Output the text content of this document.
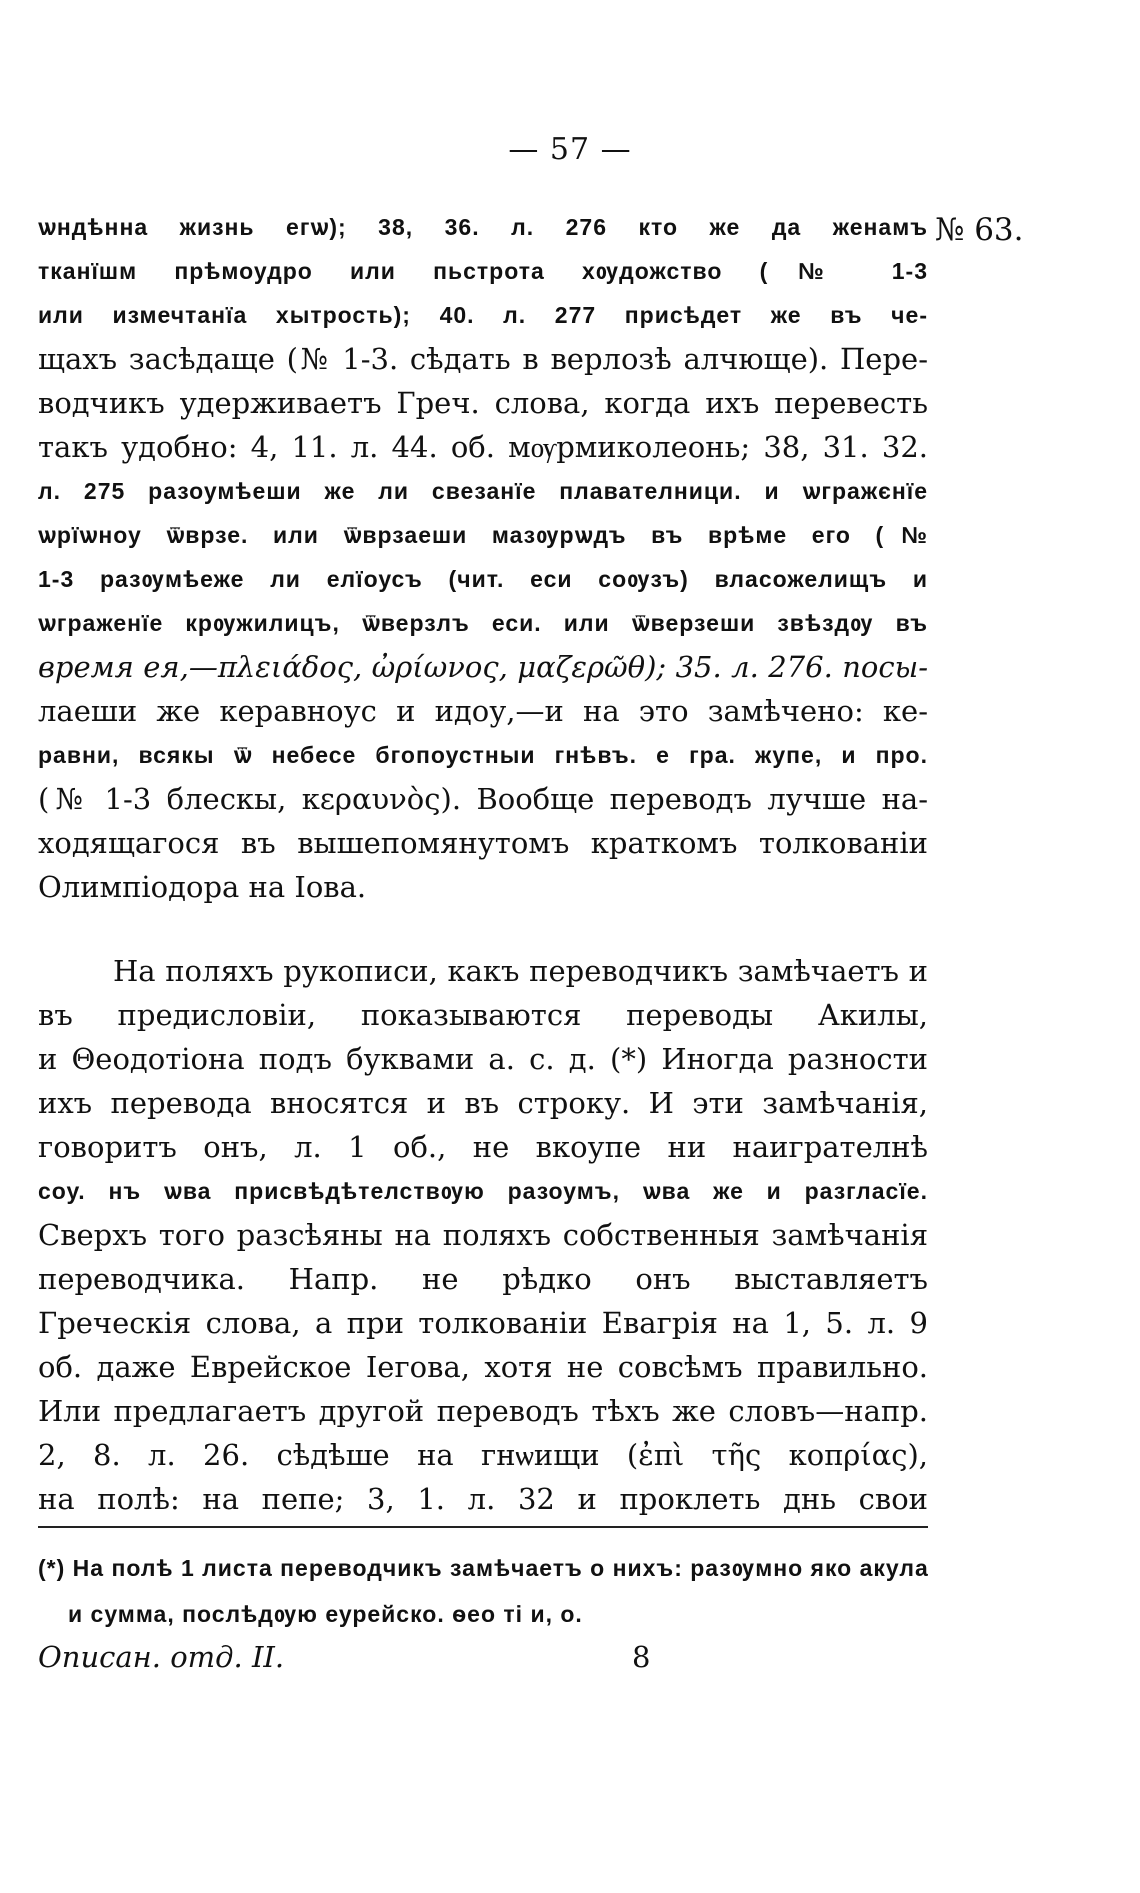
— 57 —
№ 63.
ѡндѣнна жизнь егѡ); 38, 36. л. 276 кто же да женамъ
тканїшм прѣмоудро или пьстрота хѹдожство (№ 1-3
или измечтанїа хытрость); 40. л. 277 присѣдет же въ че-
щахъ засѣдаще (№ 1-3. сѣдать в верлозѣ алчюще). Пере-
водчикъ удерживаетъ Греч. слова, когда ихъ перевесть
такъ удобно: 4, 11. л. 44. об. мѹрмиколеонь; 38, 31. 32.
л. 275 разоумѣеши же ли свезанїе плавателници. и ѡгражєнїе
ѡрїѡноу ѿврзе. или ѿврзаеши мазѹрѡдъ въ врѣме его (№
1-3 разѹмѣеже ли елїоусъ (чит. еси соѹзъ) власожелищъ и
ѡграженїе крѹжилицъ, ѿверзлъ еси. или ѿверзеши звѣздѹ въ
время ея,—πλειάδος, ὠρίωνος, μαζερῶθ); 35. л. 276. посы-
лаеши же керавноус и идоу,—и на это замѣчено: ке-
равни, всякы ѿ небесе бгопоустныи гнѣвъ. е гра. жупе, и про.
(№ 1-3 блескы, κεραυνὸς). Вообще переводъ лучше на-
ходящагося въ вышепомянутомъ краткомъ толкованiи
Олимпiодора на Iова.
На поляхъ рукописи, какъ переводчикъ замѣчаетъ и
въ предисловiи, показываются переводы Акилы,
и Θеодотiона подъ буквами а. с. д. (*) Иногда разности
ихъ перевода вносятся и въ строку. И эти замѣчанiя,
говоритъ онъ, л. 1 об., не вкоупе ни наигрателнѣ
соу. нъ ѡва присвѣдѣтелствѹю разоумъ, ѡва же и разгласїе.
Сверхъ того разсѣяны на поляхъ собственныя замѣчанiя
переводчика. Напр. не рѣдко онъ выставляетъ
Греческiя слова, а при толкованiи Евагрiя на 1, 5. л. 9
об. даже Еврейское Iегова, хотя не совсѣмъ правильно.
Или предлагаетъ другой переводъ тѣхъ же словъ—напр.
2, 8. л. 26. сѣдѣше на гнѡищи (ἐπὶ τῆς κοπρίας),
на полѣ: на пепе; 3, 1. л. 32 и проклеть днь свои
(*) На полѣ 1 листа переводчикъ замѣчаетъ о нихъ: разѹмно яко акула
и сумма, послѣдѹю еурейско. ѳео ті и, о.
Описан. отд. II.	8
